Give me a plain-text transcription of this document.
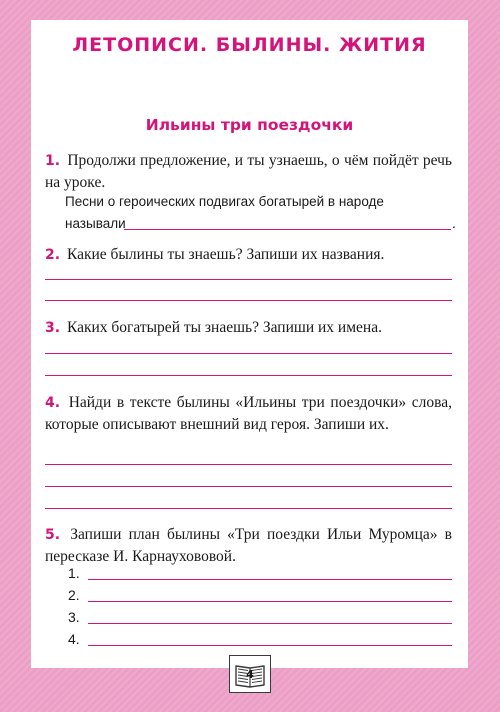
ЛЕТОПИСИ. БЫЛИНЫ. ЖИТИЯ
Ильины три поездочки
1. Продолжи предложение, и ты узнаешь, о чём пойдёт речь на уроке.
Песни о героических подвигах богатырей в народе
называли	.
2. Какие былины ты знаешь? Запиши их названия.
3. Каких богатырей ты знаешь? Запиши их имена.
4. Найди в тексте былины «Ильины три поездочки» слова, которые описывают внешний вид героя. Запиши их.
5. Запиши план былины «Три поездки Ильи Муромца» в пересказе И. Карнаухововой.
1.
2.
3.
4.
4
